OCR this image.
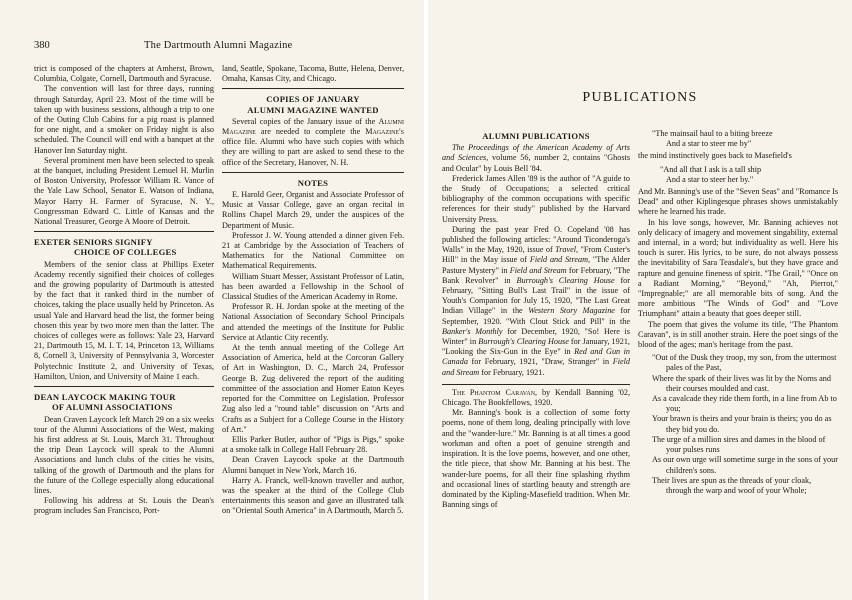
380	The Dartmouth Alumni Magazine

trict is composed of the chapters at Amherst, Brown, Columbia, Colgate, Cornell, Dartmouth and Syracuse.

The convention will last for three days, running through Saturday, April 23. Most of the time will be taken up with business sessions, although a trip to one of the Outing Club Cabins for a pig roast is planned for one night, and a smoker on Friday night is also scheduled. The Council will end with a banquet at the Hanover Inn Saturday night.

Several prominent men have been selected to speak at the banquet, including President Lemuel H. Murlin of Boston University, Professor William R. Vance of the Yale Law School, Senator E. Watson of Indiana, Mayor Harry H. Farmer of Syracuse, N. Y., Congressman Edward C. Little of Kansas and the National Treasurer, George A Moore of Detroit.

EXETER SENIORS SIGNIFY
CHOICE OF COLLEGES

Members of the senior class at Phillips Exeter Academy recently signified their choices of colleges and the growing popularity of Dartmouth is attested by the fact that it ranked third in the number of choices, taking the place usually held by Princeton. As usual Yale and Harvard head the list, the former being chosen this year by two more men than the latter. The choices of colleges were as follows: Yale 23, Harvard 21, Dartmouth 15, M. I. T. 14, Princeton 13, Williams 8, Cornell 3, University of Pennsylvania 3, Worcester Polytechnic Institute 2, and University of Texas, Hamilton, Union, and University of Maine 1 each.

DEAN LAYCOCK MAKING TOUR
OF ALUMNI ASSOCIATIONS

Dean Craven Laycock left March 29 on a six weeks tour of the Alumni Associations of the West, making his first address at St. Louis, March 31. Throughout the trip Dean Laycock will speak to the Alumni Associations and lunch clubs of the cities he visits, talking of the growth of Dartmouth and the plans for the future of the College especially along educational lines.

Following his address at St. Louis the Dean's program includes San Francisco, Port-

land, Seattle, Spokane, Tacoma, Butte, Helena, Denver, Omaha, Kansas City, and Chicago.

COPIES OF JANUARY
ALUMNI MAGAZINE WANTED

Several copies of the January issue of the Alumni Magazine are needed to complete the Magazine's office file. Alumni who have such copies with which they are willing to part are asked to send these to the office of the Secretary, Hanover, N. H.

NOTES

E. Harold Geer, Organist and Associate Professor of Music at Vassar College, gave an organ recital in Rollins Chapel March 29, under the auspices of the Department of Music.

Professor J. W. Young attended a dinner given Feb. 21 at Cambridge by the Association of Teachers of Mathematics for the National Committee on Mathematical Requirements.

William Stuart Messer, Assistant Professor of Latin, has been awarded a Fellowship in the School of Classical Studies of the American Academy in Rome.

Professor R. H. Jordan spoke at the meeting of the National Association of Secondary School Principals and attended the meetings of the Institute for Public Service at Atlantic City recently.

At the tenth annual meeting of the College Art Association of America, held at the Corcoran Gallery of Art in Washington, D. C., March 24, Professor George B. Zug delivered the report of the auditing committee of the association and Homer Eaton Keyes reported for the Committee on Legislation. Professor Zug also led a "round table" discussion on "Arts and Crafts as a Subject for a College Course in the History of Art."

Ellis Parker Butler, author of "Pigs is Pigs," spoke at a smoke talk in College Hall February 28.

Dean Craven Laycock spoke at the Dartmouth Alumni banquet in New York, March 16.

Harry A. Franck, well-known traveller and author, was the speaker at the third of the College Club entertainments this season and gave an illustrated talk on "Oriental South America" in A Dartmouth, March 5.

PUBLICATIONS
ALUMNI PUBLICATIONS

The Proceedings of the American Academy of Arts and Sciences, volume 56, number 2, contains "Ghosts and Ocular" by Louis Bell '84.

Frederick James Allen '89 is the author of "A guide to the Study of Occupations; a selected critical bibliography of the common occupations with specific references for their study" published by the Harvard University Press.

During the past year Fred O. Copeland '08 has published the following articles: "Around Ticonderoga's Walls" in the May, 1920, issue of Travel, "From Custer's Hill" in the May issue of Field and Stream, "The Alder Pasture Mystery" in Field and Stream for February, "The Bank Revolver" in Burrough's Clearing House for February, "Sitting Bull's Last Trail" in the issue of Youth's Companion for July 15, 1920, "The Last Great Indian Village" in the Western Story Magazine for September, 1920. "With Clout Stick and Pill" in the Banker's Monthly for December, 1920, "So! Here is Winter" in Burrough's Clearing House for January, 1921, "Looking the Six-Gun in the Eye" in Red and Gun in Canada for February, 1921, "Draw, Stranger" in Field and Stream for February, 1921.

The Phantom Caravan, by Kendall Banning '02, Chicago. The Bookfellows, 1920.

Mr. Banning's book is a collection of some forty poems, none of them long, dealing principally with love and the "wander-lure." Mr. Banning is at all times a good workman and often a poet of genuine strength and inspiration. It is the love poems, however, and one other, the title piece, that show Mr. Banning at his best. The wander-lure poems, for all their fine splashing rhythm and occasional lines of startling beauty and strength are dominated by the Kipling-Masefield tradition. When Mr. Banning sings of

"The mainsail haul to a biting breeze
And a star to steer me by"

the mind instinctively goes back to Masefield's

"And all that I ask is a tall ship
And a star to steer her by."

And Mr. Banning's use of the "Seven Seas" and "Romance Is Dead" and other Kiplingesque phrases shows unmistakably where he learned his trade.

In his love songs, however, Mr. Banning achieves not only delicacy of imagery and movement singability, external and internal, in a word; but individuality as well. Here his touch is surer. His lyrics, to be sure, do not always possess the inevitability of Sara Teasdale's, but they have grace and rapture and genuine fineness of spirit. "The Grail," "Once on a Radiant Morning," "Beyond," "Ah, Pierrot," "Impregnable;" are all memorable bits of song. And the more ambitious "The Winds of God" and "Love Triumphant" attain a beauty that goes deeper still.

The poem that gives the volume its title, "The Phantom Caravan", is in still another strain. Here the poet sings of the blood of the ages; man's heritage from the past.

"Out of the Dusk they troop, my son, from the uttermost pales of the Past,
Where the spark of their lives was lit by the Norns and their courses moulded and cast.
As a cavalcade they ride them forth, in a line from Ab to you;
Your brawn is theirs and your brain is theirs; you do as they bid you do.
The urge of a million sires and dames in the blood of your pulses runs
As our own urge will sometime surge in the sons of your children's sons.
Their lives are spun as the threads of your cloak, through the warp and woof of your Whole;
